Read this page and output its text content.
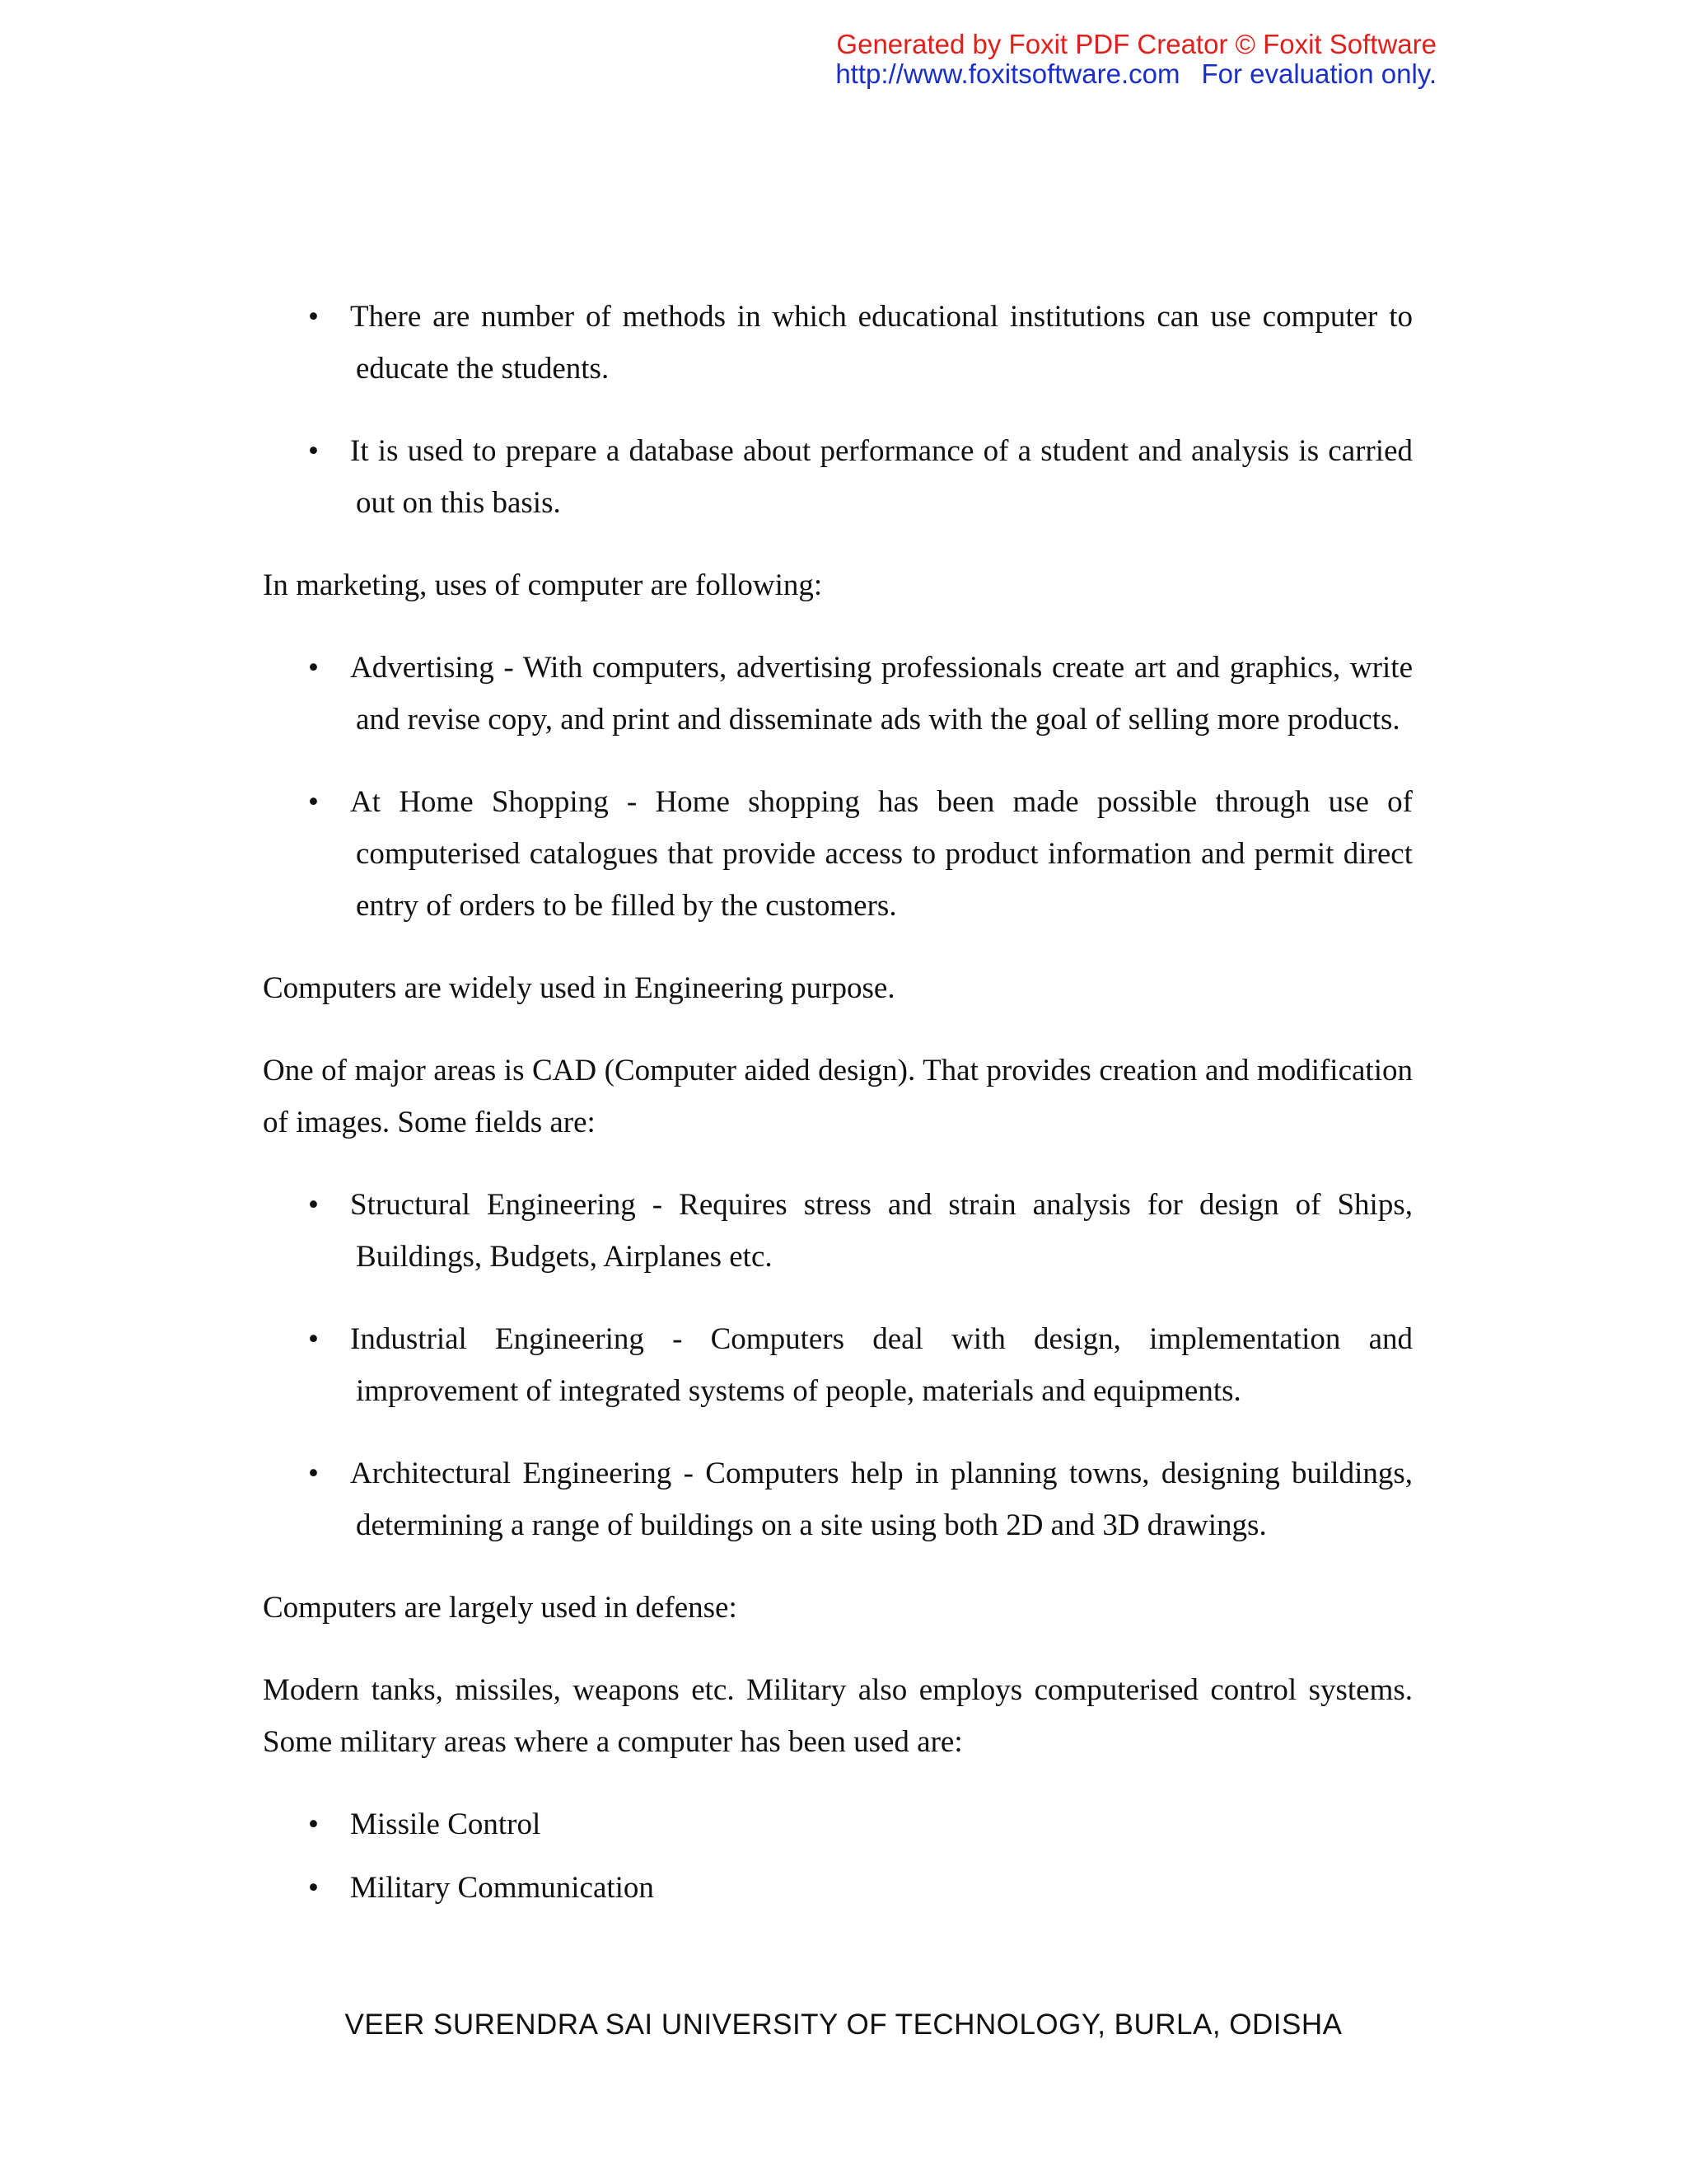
Generated by Foxit PDF Creator © Foxit Software
http://www.foxitsoftware.com For evaluation only.
• There are number of methods in which educational institutions can use computer to educate the students.
• It is used to prepare a database about performance of a student and analysis is carried out on this basis.

In marketing, uses of computer are following:

• Advertising - With computers, advertising professionals create art and graphics, write and revise copy, and print and disseminate ads with the goal of selling more products.
• At Home Shopping - Home shopping has been made possible through use of computerised catalogues that provide access to product information and permit direct entry of orders to be filled by the customers.

Computers are widely used in Engineering purpose.

One of major areas is CAD (Computer aided design). That provides creation and modification of images. Some fields are:

• Structural Engineering - Requires stress and strain analysis for design of Ships, Buildings, Budgets, Airplanes etc.
• Industrial Engineering - Computers deal with design, implementation and improvement of integrated systems of people, materials and equipments.
• Architectural Engineering - Computers help in planning towns, designing buildings, determining a range of buildings on a site using both 2D and 3D drawings.

Computers are largely used in defense:

Modern tanks, missiles, weapons etc. Military also employs computerised control systems. Some military areas where a computer has been used are:

• Missile Control
• Military Communication
VEER SURENDRA SAI UNIVERSITY OF TECHNOLOGY, BURLA, ODISHA
